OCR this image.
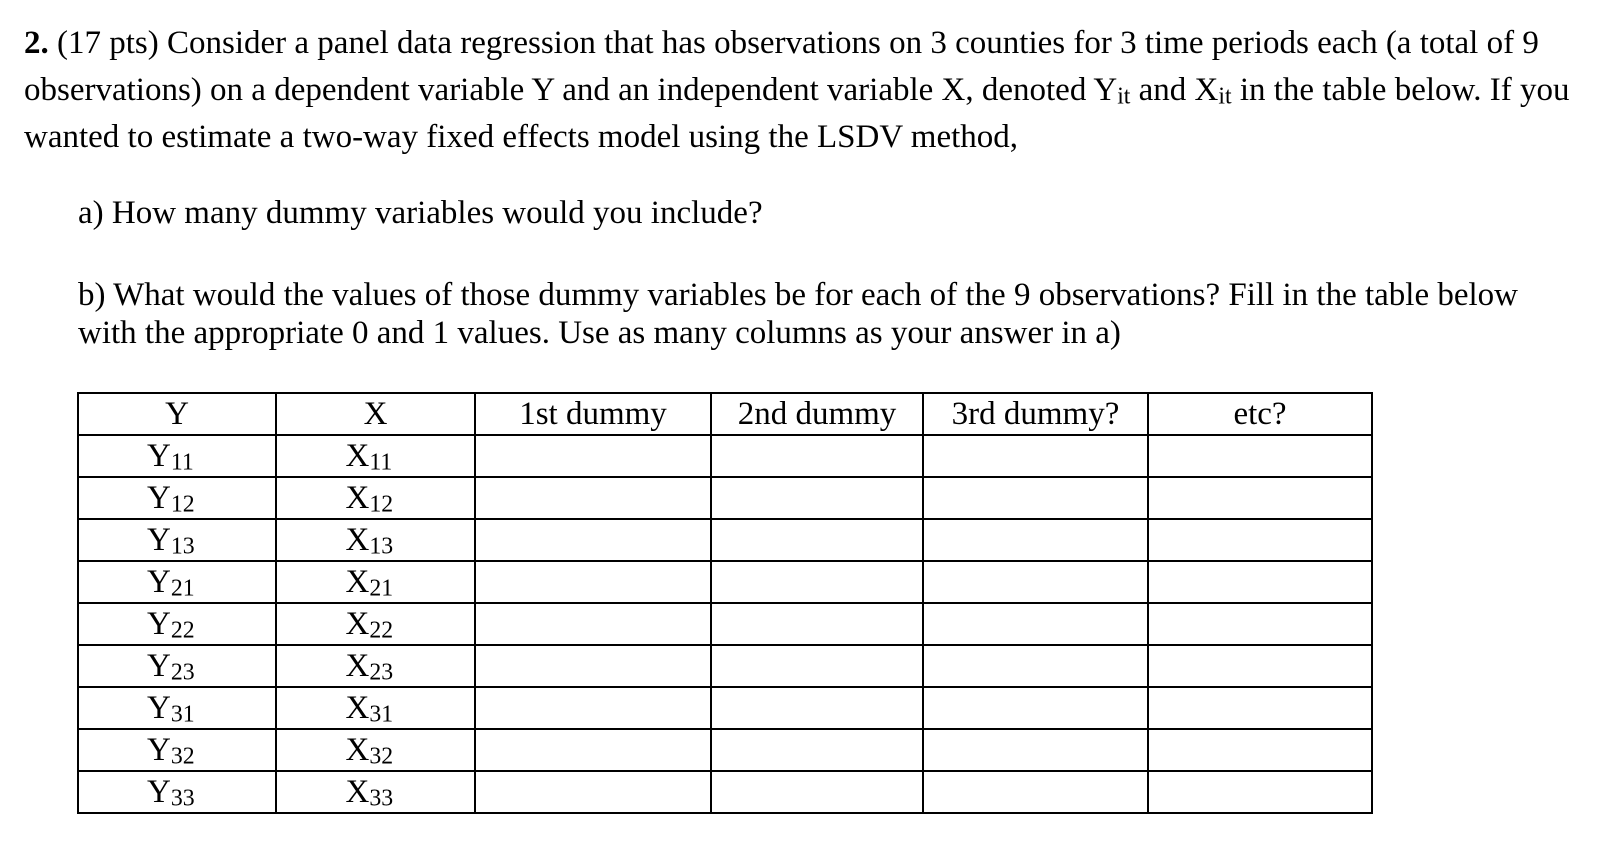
2. (17 pts) Consider a panel data regression that has observations on 3 counties for 3 time periods each (a total of 9 observations) on a dependent variable Y and an independent variable X, denoted $Y_{it}$ and $X_{it}$ in the table below. If you wanted to estimate a two-way fixed effects model using the LSDV method,
a) How many dummy variables would you include?
b) What would the values of those dummy variables be for each of the 9 observations? Fill in the table below with the appropriate 0 and 1 values. Use as many columns as your answer in a)
Y	X	1st dummy	2nd dummy	3rd dummy?	etc?
$Y_{11}$	$X_{11}$				
$Y_{12}$	$X_{12}$				
$Y_{13}$	$X_{13}$				
$Y_{21}$	$X_{21}$				
$Y_{22}$	$X_{22}$				
$Y_{23}$	$X_{23}$				
$Y_{31}$	$X_{31}$				
$Y_{32}$	$X_{32}$				
$Y_{33}$	$X_{33}$				
